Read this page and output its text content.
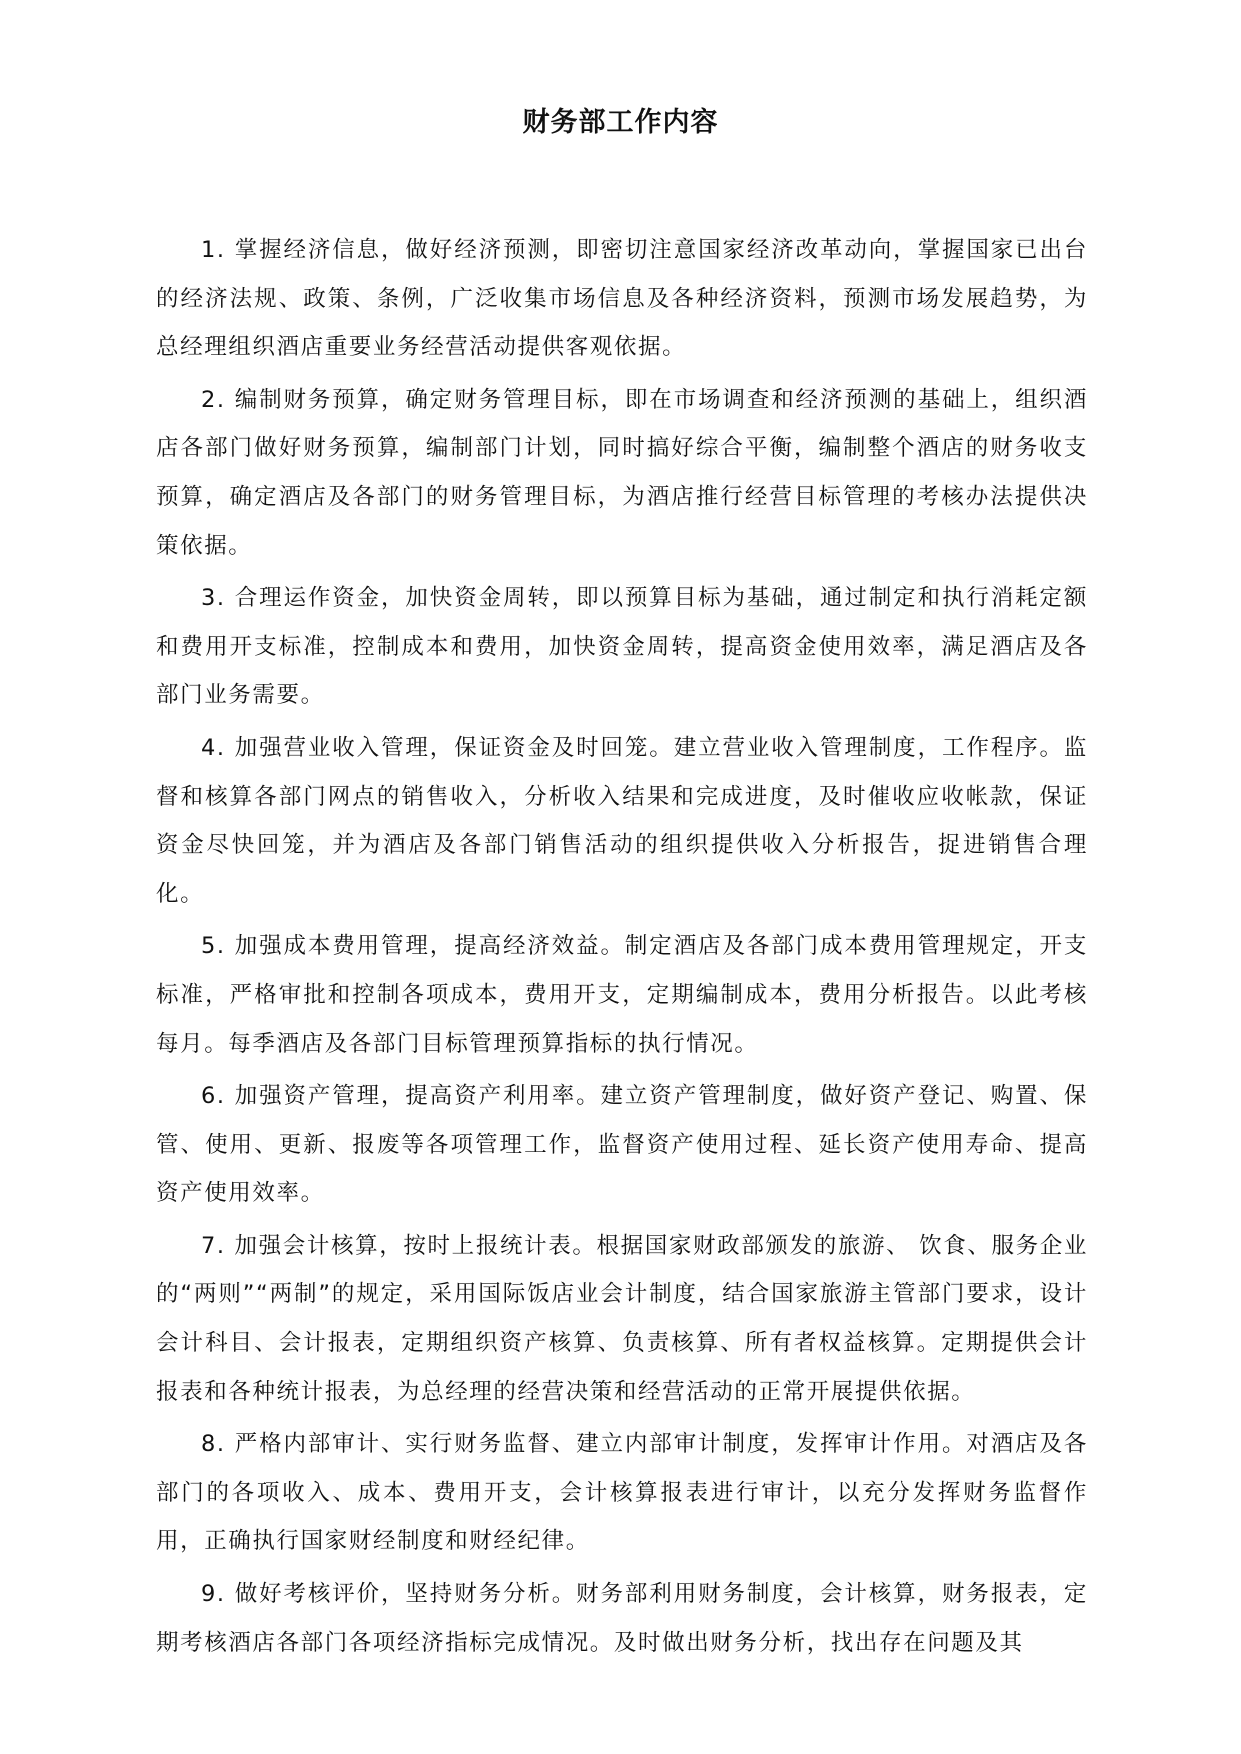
财务部工作内容

1. 掌握经济信息，做好经济预测，即密切注意国家经济改革动向，掌握国家已出台的经济法规、政策、条例，广泛收集市场信息及各种经济资料，预测市场发展趋势，为总经理组织酒店重要业务经营活动提供客观依据。

2. 编制财务预算，确定财务管理目标，即在市场调查和经济预测的基础上，组织酒店各部门做好财务预算，编制部门计划，同时搞好综合平衡，编制整个酒店的财务收支预算，确定酒店及各部门的财务管理目标，为酒店推行经营目标管理的考核办法提供决策依据。

3. 合理运作资金，加快资金周转，即以预算目标为基础，通过制定和执行消耗定额和费用开支标准，控制成本和费用，加快资金周转，提高资金使用效率，满足酒店及各部门业务需要。

4. 加强营业收入管理，保证资金及时回笼。建立营业收入管理制度，工作程序。监督和核算各部门网点的销售收入，分析收入结果和完成进度，及时催收应收帐款，保证资金尽快回笼，并为酒店及各部门销售活动的组织提供收入分析报告，捉进销售合理化。

5. 加强成本费用管理，提高经济效益。制定酒店及各部门成本费用管理规定，开支标准，严格审批和控制各项成本，费用开支，定期编制成本，费用分析报告。以此考核每月。每季酒店及各部门目标管理预算指标的执行情况。

6. 加强资产管理，提高资产利用率。建立资产管理制度，做好资产登记、购置、保管、使用、更新、报废等各项管理工作，监督资产使用过程、延长资产使用寿命、提高资产使用效率。

7. 加强会计核算，按时上报统计表。根据国家财政部颁发的旅游、 饮食、服务企业的“两则”“两制”的规定，采用国际饭店业会计制度，结合国家旅游主管部门要求，设计会计科目、会计报表，定期组织资产核算、负责核算、所有者权益核算。定期提供会计报表和各种统计报表，为总经理的经营决策和经营活动的正常开展提供依据。

8. 严格内部审计、实行财务监督、建立内部审计制度，发挥审计作用。对酒店及各部门的各项收入、成本、费用开支，会计核算报表进行审计，以充分发挥财务监督作用，正确执行国家财经制度和财经纪律。

9. 做好考核评价，坚持财务分析。财务部利用财务制度，会计核算，财务报表，定期考核酒店各部门各项经济指标完成情况。及时做出财务分析，找出存在问题及其
